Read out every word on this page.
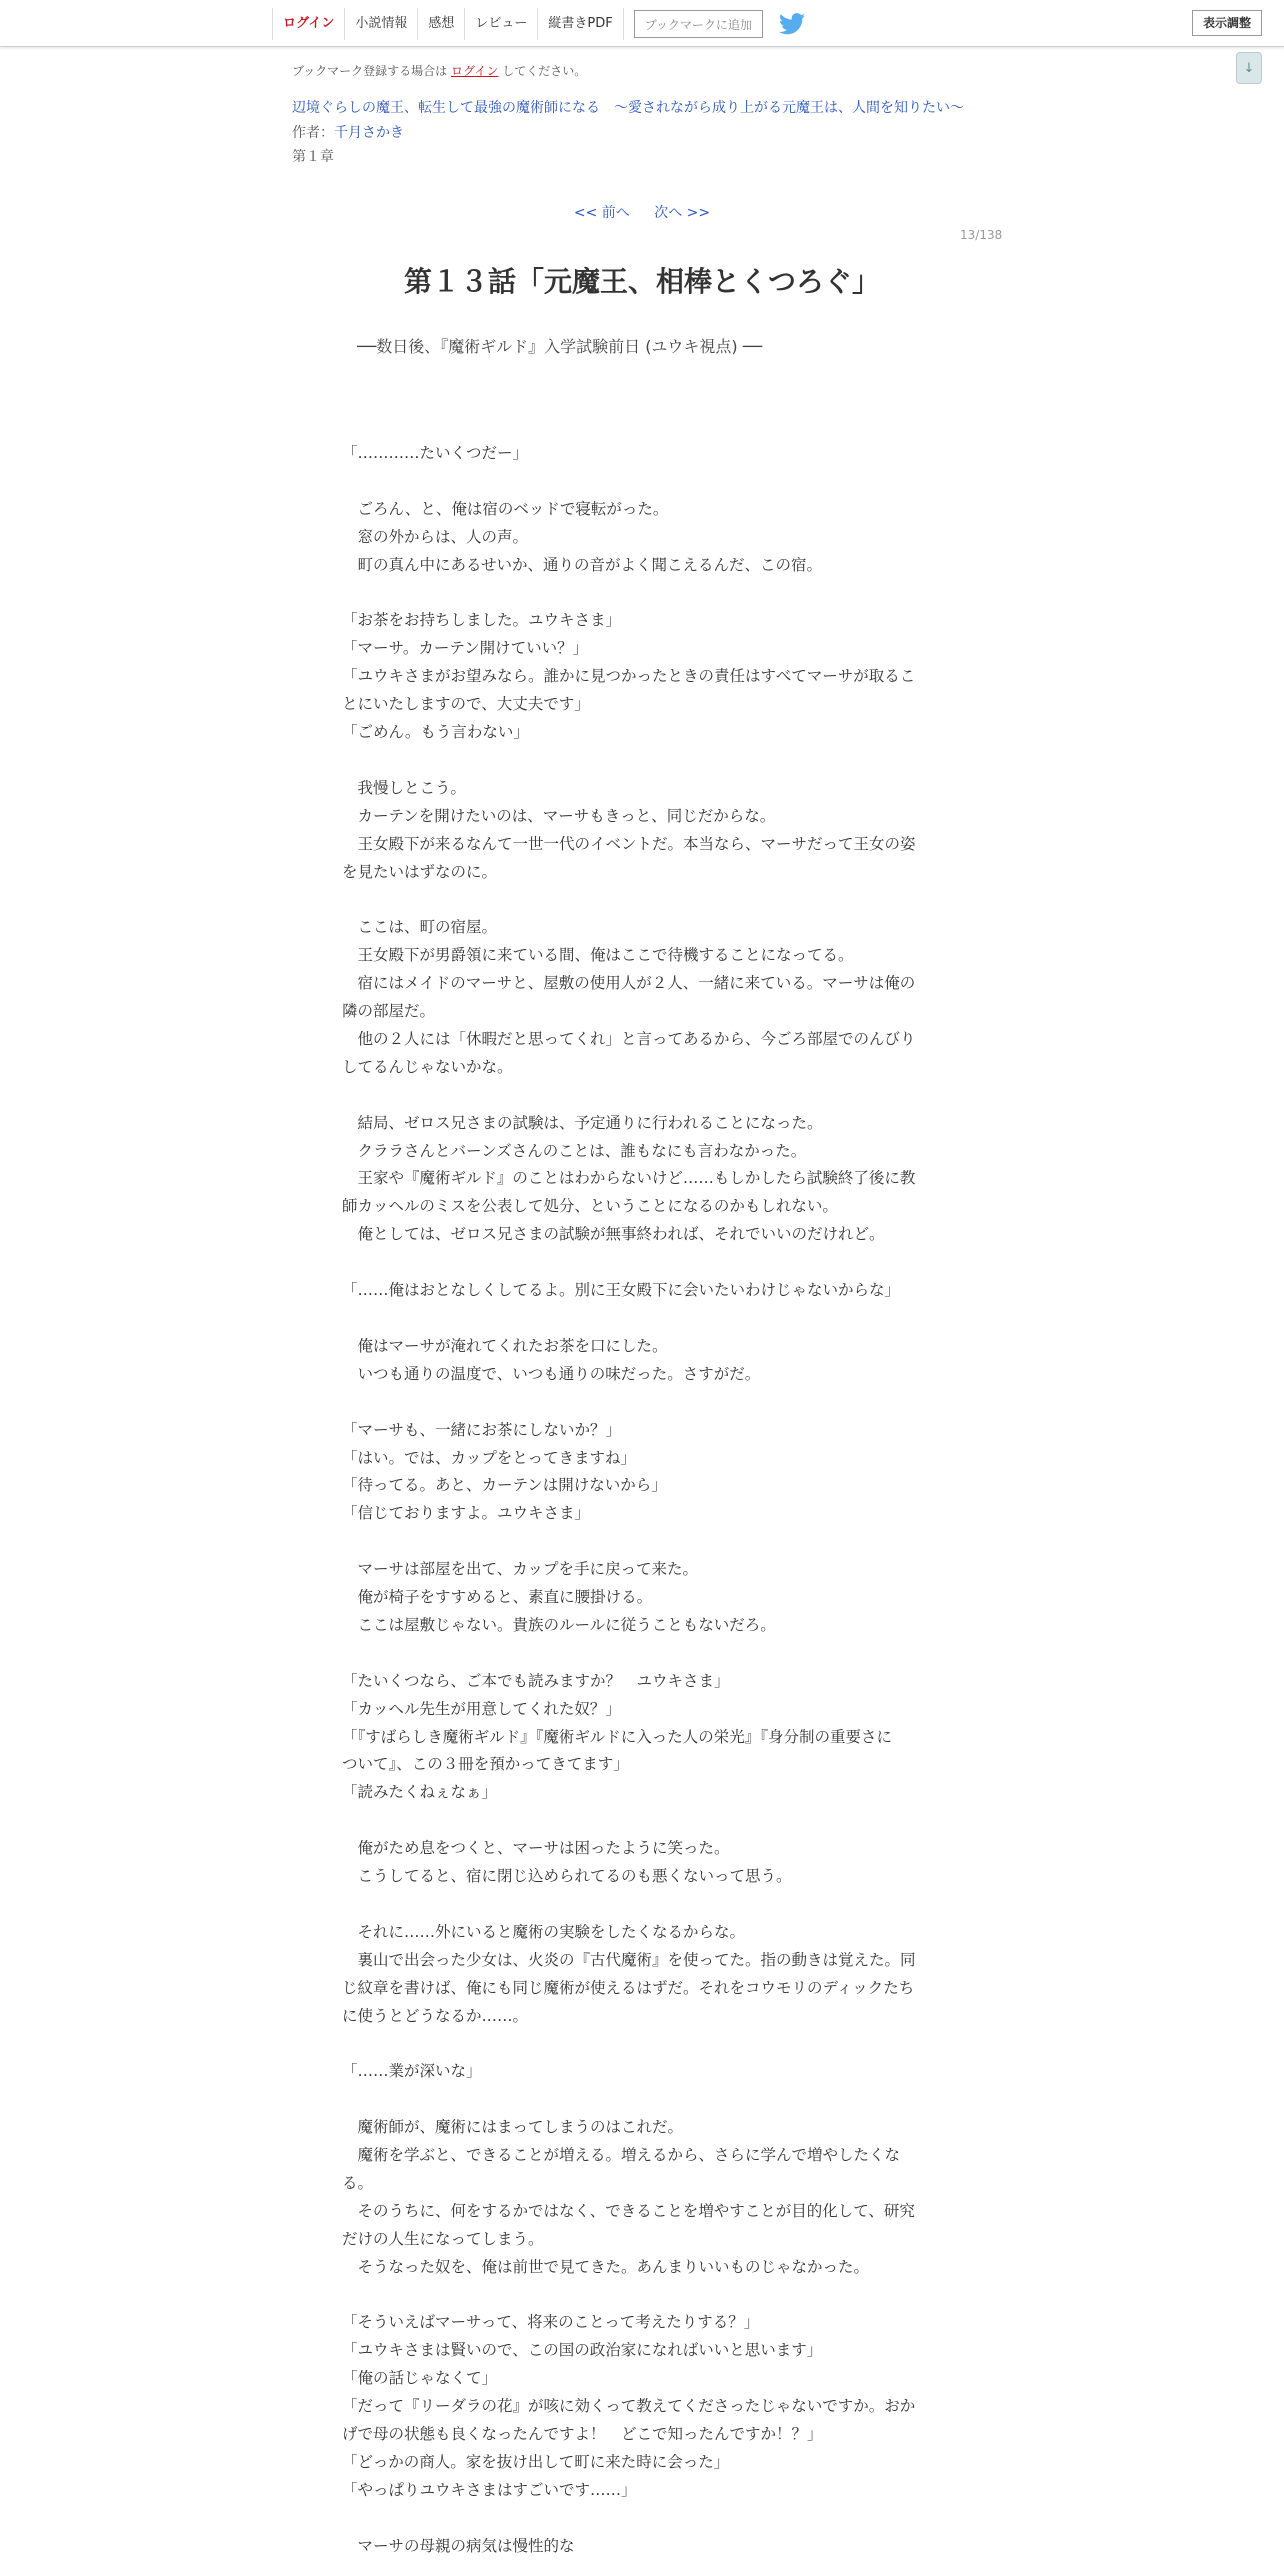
ログイン	小説情報	感想	レビュー	縦書きPDF	ブックマークに追加	表示調整
↓
ブックマーク登録する場合は ログイン してください。
辺境ぐらしの魔王、転生して最強の魔術師になる　〜愛されながら成り上がる元魔王は、人間を知りたい〜
作者：千月さかき
第１章
<< 前へ 次へ >>
13/138
第１３話「元魔王、相棒とくつろぐ」
──数日後、『魔術ギルド』入学試験前日 (ユウキ視点) ──

「…………たいくつだー」

　ごろん、と、俺は宿のベッドで寝転がった。

　窓の外からは、人の声。

　町の真ん中にあるせいか、通りの音がよく聞こえるんだ、この宿。

「お茶をお持ちしました。ユウキさま」

「マーサ。カーテン開けていい？」

「ユウキさまがお望みなら。誰かに見つかったときの責任はすべてマーサが取るこ

とにいたしますので、大丈夫です」

「ごめん。もう言わない」

　我慢しとこう。

　カーテンを開けたいのは、マーサもきっと、同じだからな。

　王女殿下が来るなんて一世一代のイベントだ。本当なら、マーサだって王女の姿

を見たいはずなのに。

　ここは、町の宿屋。

　王女殿下が男爵領に来ている間、俺はここで待機することになってる。

　宿にはメイドのマーサと、屋敷の使用人が２人、一緒に来ている。マーサは俺の

隣の部屋だ。

　他の２人には「休暇だと思ってくれ」と言ってあるから、今ごろ部屋でのんびり

してるんじゃないかな。

　結局、ゼロス兄さまの試験は、予定通りに行われることになった。

　クララさんとバーンズさんのことは、誰もなにも言わなかった。

　王家や『魔術ギルド』のことはわからないけど……もしかしたら試験終了後に教

師カッヘルのミスを公表して処分、ということになるのかもしれない。

　俺としては、ゼロス兄さまの試験が無事終われば、それでいいのだけれど。

「……俺はおとなしくしてるよ。別に王女殿下に会いたいわけじゃないからな」

　俺はマーサが淹れてくれたお茶を口にした。

　いつも通りの温度で、いつも通りの味だった。さすがだ。

「マーサも、一緒にお茶にしないか？」

「はい。では、カップをとってきますね」

「待ってる。あと、カーテンは開けないから」

「信じておりますよ。ユウキさま」

　マーサは部屋を出て、カップを手に戻って来た。

　俺が椅子をすすめると、素直に腰掛ける。

　ここは屋敷じゃない。貴族のルールに従うこともないだろ。

「たいくつなら、ご本でも読みますか？　ユウキさま」

「カッヘル先生が用意してくれた奴？」

「『すばらしき魔術ギルド』『魔術ギルドに入った人の栄光』『身分制の重要さに

ついて』、この３冊を預かってきてます」

「読みたくねぇなぁ」

　俺がため息をつくと、マーサは困ったように笑った。

　こうしてると、宿に閉じ込められてるのも悪くないって思う。

　それに……外にいると魔術の実験をしたくなるからな。

　裏山で出会った少女は、火炎の『古代魔術』を使ってた。指の動きは覚えた。同

じ紋章を書けば、俺にも同じ魔術が使えるはずだ。それをコウモリのディックたち

に使うとどうなるか……。

「……業が深いな」

　魔術師が、魔術にはまってしまうのはこれだ。

　魔術を学ぶと、できることが増える。増えるから、さらに学んで増やしたくな

る。

　そのうちに、何をするかではなく、できることを増やすことが目的化して、研究

だけの人生になってしまう。

　そうなった奴を、俺は前世で見てきた。あんまりいいものじゃなかった。

「そういえばマーサって、将来のことって考えたりする？」

「ユウキさまは賢いので、この国の政治家になればいいと思います」

「俺の話じゃなくて」

「だって『リーダラの花』が咳に効くって教えてくださったじゃないですか。おか

げで母の状態も良くなったんですよ！　どこで知ったんですか！？」

「どっかの商人。家を抜け出して町に来た時に会った」

「やっぱりユウキさまはすごいです……」

　マーサの母親の病気は慢性的な
